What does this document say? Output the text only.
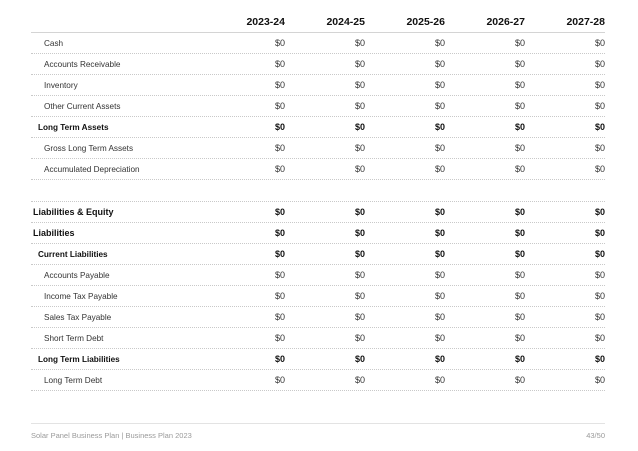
2023-24	2024-25	2025-26	2026-27	2027-28
Cash	$0	$0	$0	$0	$0
Accounts Receivable	$0	$0	$0	$0	$0
Inventory	$0	$0	$0	$0	$0
Other Current Assets	$0	$0	$0	$0	$0
Long Term Assets	$0	$0	$0	$0	$0
Gross Long Term Assets	$0	$0	$0	$0	$0
Accumulated Depreciation	$0	$0	$0	$0	$0
Liabilities & Equity	$0	$0	$0	$0	$0
Liabilities	$0	$0	$0	$0	$0
Current Liabilities	$0	$0	$0	$0	$0
Accounts Payable	$0	$0	$0	$0	$0
Income Tax Payable	$0	$0	$0	$0	$0
Sales Tax Payable	$0	$0	$0	$0	$0
Short Term Debt	$0	$0	$0	$0	$0
Long Term Liabilities	$0	$0	$0	$0	$0
Long Term Debt	$0	$0	$0	$0	$0
Solar Panel Business Plan | Business Plan 2023	43/50
